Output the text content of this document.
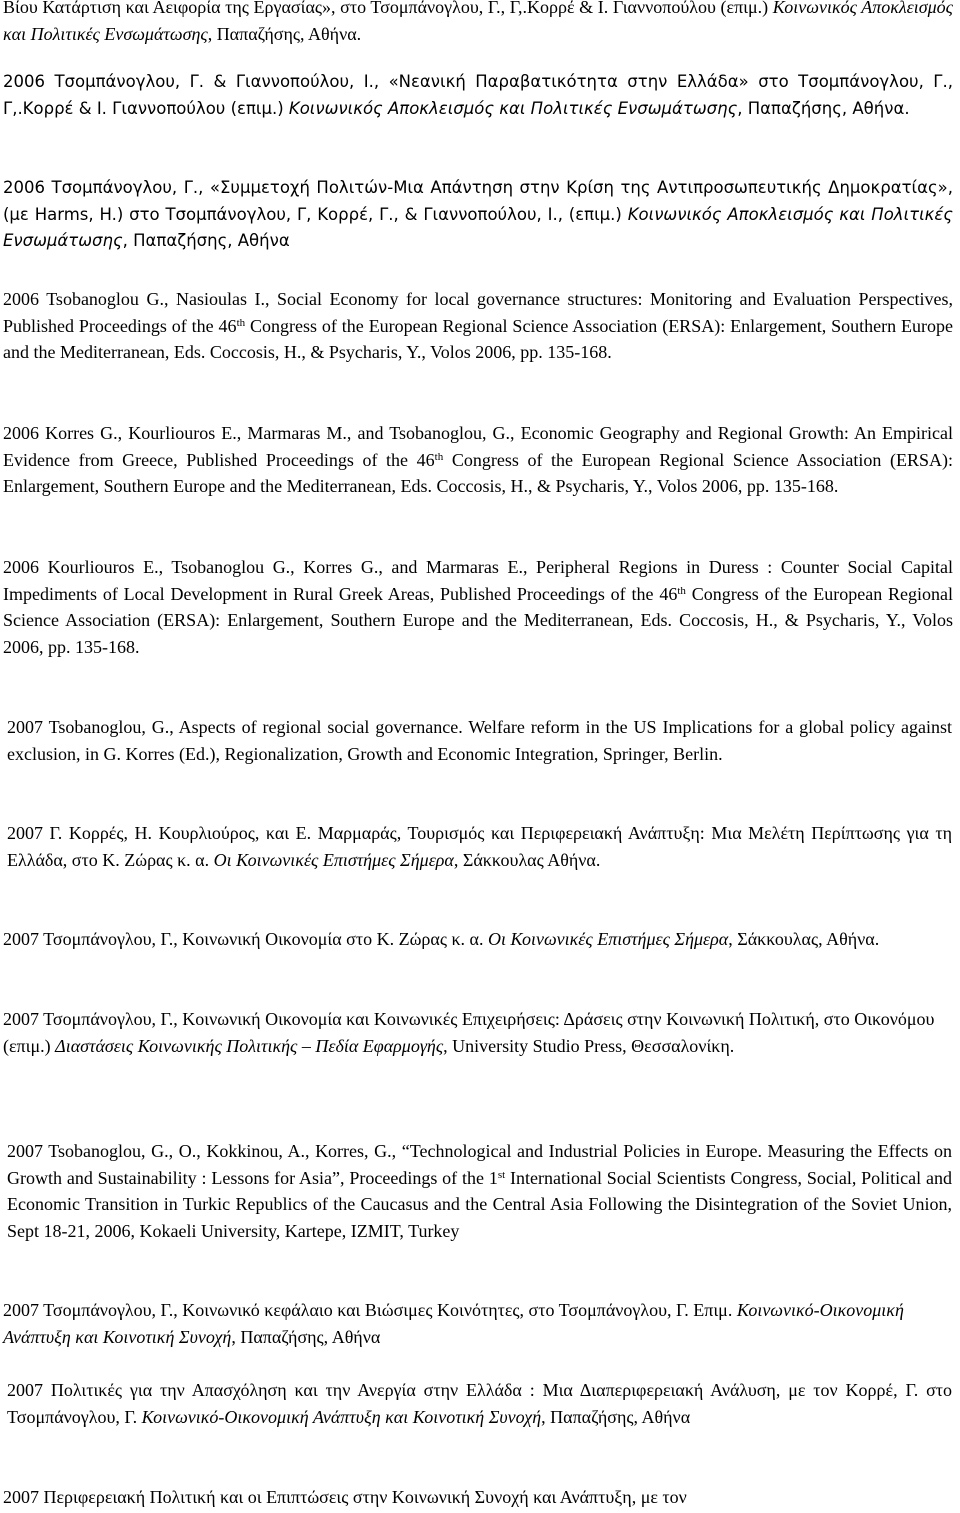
Βίου Κατάρτιση και Αειφορία της Εργασίας», στο Τσομπάνογλου, Γ., Γ,.Κορρέ & Ι. Γιαννοπούλου (επιμ.) Κοινωνικός Αποκλεισμός και Πολιτικές Ενσωμάτωσης, Παπαζήσης, Αθήνα.

2006 Τσομπάνογλου, Γ. & Γιαννοπούλου, Ι., «Νεανική Παραβατικότητα στην Ελλάδα» στο Τσομπάνογλου, Γ., Γ,.Κορρέ & Ι. Γιαννοπούλου (επιμ.) Κοινωνικός Αποκλεισμός και Πολιτικές Ενσωμάτωσης, Παπαζήσης, Αθήνα.

2006 Τσομπάνογλου, Γ., «Συμμετοχή Πολιτών-Μια Απάντηση στην Κρίση της Αντιπροσωπευτικής Δημοκρατίας», (με Harms, H.) στο Τσομπάνογλου, Γ, Κορρέ, Γ., & Γιαννοπούλου, Ι., (επιμ.) Κοινωνικός Αποκλεισμός και Πολιτικές Ενσωμάτωσης, Παπαζήσης, Αθήνα

2006 Tsobanoglou G., Nasioulas I., Social Economy for local governance structures: Monitoring and Evaluation Perspectives, Published Proceedings of the 46th Congress of the European Regional Science Association (ERSA): Enlargement, Southern Europe and the Mediterranean, Eds. Coccosis, H., & Psycharis, Y., Volos 2006, pp. 135-168.

2006 Korres G., Kourliouros E., Marmaras M., and Tsobanoglou, G., Economic Geography and Regional Growth: An Empirical Evidence from Greece, Published Proceedings of the 46th Congress of the European Regional Science Association (ERSA): Enlargement, Southern Europe and the Mediterranean, Eds. Coccosis, H., & Psycharis, Y., Volos 2006, pp. 135-168.

2006 Kourliouros E., Tsobanoglou G., Korres G., and Marmaras E., Peripheral Regions in Duress : Counter Social Capital Impediments of Local Development in Rural Greek Areas, Published Proceedings of the 46th Congress of the European Regional Science Association (ERSA): Enlargement, Southern Europe and the Mediterranean, Eds. Coccosis, H., & Psycharis, Y., Volos 2006, pp. 135-168.

2007 Tsobanoglou, G., Aspects of regional social governance. Welfare reform in the US Implications for a global policy against exclusion, in G. Korres (Ed.), Regionalization, Growth and Economic Integration, Springer, Berlin.

2007 Γ. Κορρές, Η. Κουρλιούρος, και Ε. Μαρμαράς, Τουρισμός και Περιφερειακή Ανάπτυξη: Μια Μελέτη Περίπτωσης για τη Ελλάδα, στο Κ. Ζώρας κ. α. Οι Κοινωνικές Επιστήμες Σήμερα, Σάκκουλας Αθήνα.

2007 Τσομπάνογλου, Γ., Κοινωνική Οικονομία στο Κ. Ζώρας κ. α. Οι Κοινωνικές Επιστήμες Σήμερα, Σάκκουλας, Αθήνα.

2007 Τσομπάνογλου, Γ., Κοινωνική Οικονομία και Κοινωνικές Επιχειρήσεις: Δράσεις στην Κοινωνική Πολιτική, στο Οικονόμου (επιμ.) Διαστάσεις Κοινωνικής Πολιτικής – Πεδία Εφαρμογής, University Studio Press, Θεσσαλονίκη.

2007 Tsobanoglou, G., O., Kokkinou, A., Korres, G., “Technological and Industrial Policies in Europe. Measuring the Effects on Growth and Sustainability : Lessons for Asia”, Proceedings of the 1st International Social Scientists Congress, Social, Political and Economic Transition in Turkic Republics of the Caucasus and the Central Asia Following the Disintegration of the Soviet Union, Sept 18-21, 2006, Kokaeli University, Kartepe, IZMIT, Turkey

2007 Τσομπάνογλου, Γ., Κοινωνικό κεφάλαιο και Βιώσιμες Κοινότητες, στο Τσομπάνογλου, Γ. Επιμ. Κοινωνικό-Οικονομική Ανάπτυξη και Κοινοτική Συνοχή, Παπαζήσης, Αθήνα

2007 Πολιτικές για την Απασχόληση και την Ανεργία στην Ελλάδα : Μια Διαπεριφερειακή Ανάλυση, με τον Κορρέ, Γ. στο Τσομπάνογλου, Γ. Κοινωνικό-Οικονομική Ανάπτυξη και Κοινοτική Συνοχή, Παπαζήσης, Αθήνα

2007 Περιφερειακή Πολιτική και οι Επιπτώσεις στην Κοινωνική Συνοχή και Ανάπτυξη, με τον
